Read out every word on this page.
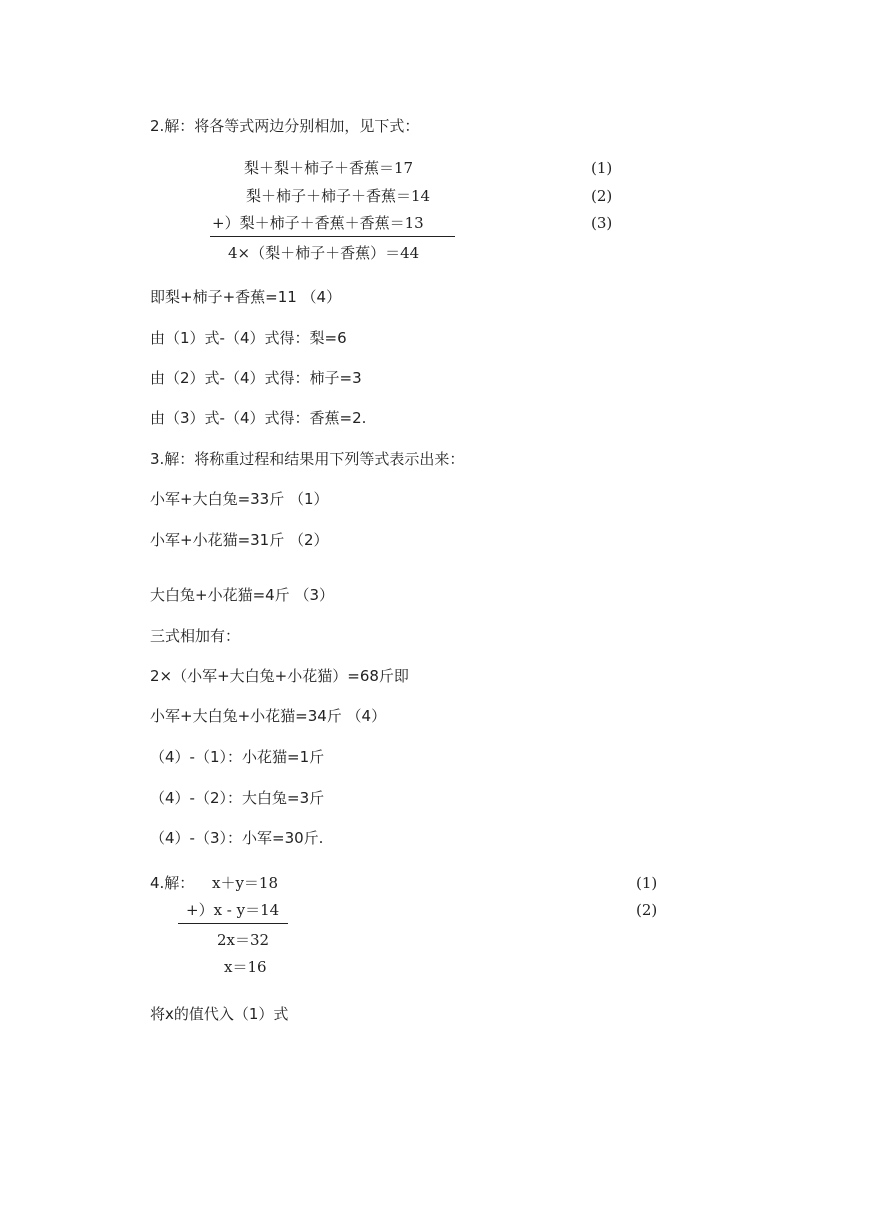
2.解：将各等式两边分别相加，见下式：
梨＋梨＋柿子＋香蕉＝17	(1)
梨＋柿子＋柿子＋香蕉＝14	(2)
+）梨＋柿子＋香蕉＋香蕉＝13	(3)
4×（梨＋柿子＋香蕉）＝44
即梨+柿子+香蕉=11 （4）
由（1）式-（4）式得：梨=6
由（2）式-（4）式得：柿子=3
由（3）式-（4）式得：香蕉=2.
3.解：将称重过程和结果用下列等式表示出来：
小军+大白兔=33斤 （1）
小军+小花猫=31斤 （2）
大白兔+小花猫=4斤 （3）
三式相加有：
2×（小军+大白兔+小花猫）=68斤即
小军+大白兔+小花猫=34斤 （4）
（4）-（1）：小花猫=1斤
（4）-（2）：大白兔=3斤
（4）-（3）：小军=30斤.
4.解： x＋y＝18	(1)
+）x - y＝14	(2)
2x＝32
x＝16
将x的值代入（1）式
